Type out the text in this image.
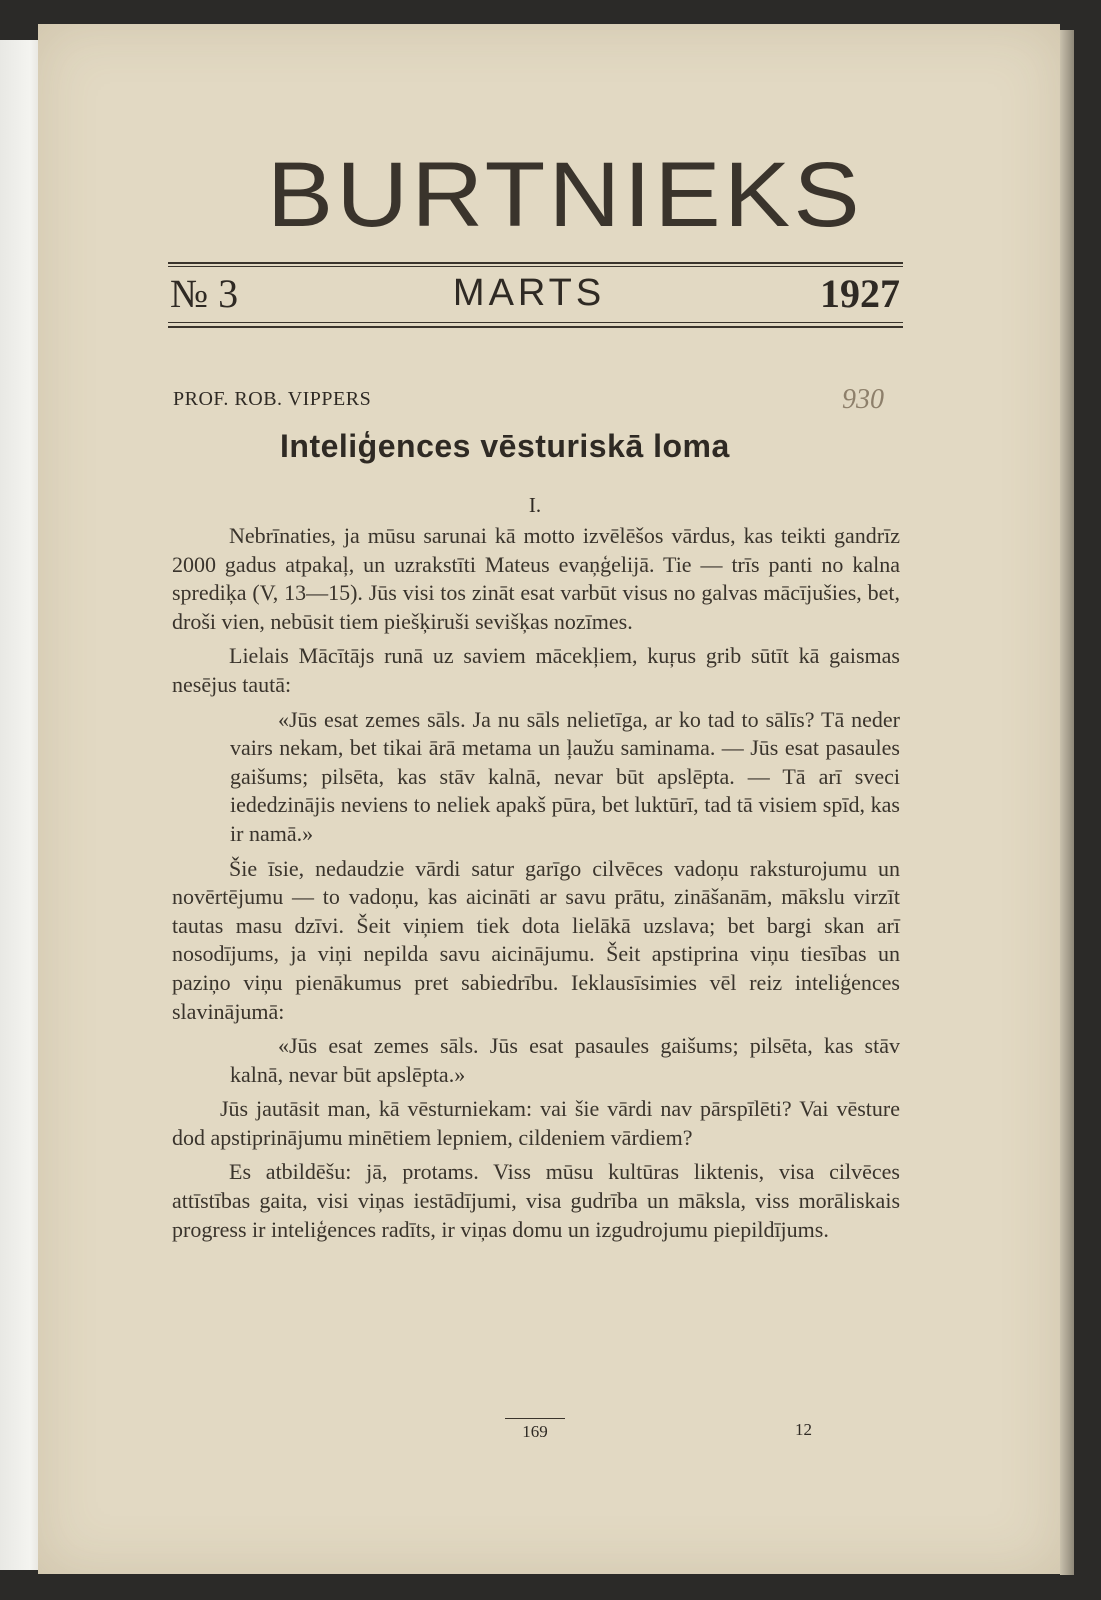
BURTNIEKS
№ 3	MARTS	1927
PROF. ROB. VIPPERS	930
Inteliģences vēsturiskā loma
I.

Nebrīnaties, ja mūsu sarunai kā motto izvēlēšos vārdus, kas teikti gandrīz 2000 gadus atpakaļ, un uzrakstīti Mateus evaņģelijā. Tie — trīs panti no kalna sprediķa (V, 13—15). Jūs visi tos zināt esat varbūt visus no galvas mācījušies, bet, droši vien, nebūsit tiem piešķiruši sevišķas nozīmes.

Lielais Mācītājs runā uz saviem mācekļiem, kuŗus grib sūtīt kā gaismas nesējus tautā:

«Jūs esat zemes sāls. Ja nu sāls nelietīga, ar ko tad to sālīs? Tā neder vairs nekam, bet tikai ārā metama un ļaužu saminama. — Jūs esat pasaules gaišums; pilsēta, kas stāv kalnā, nevar būt apslēpta. — Tā arī sveci iededzinājis neviens to neliek apakš pūra, bet luktūrī, tad tā visiem spīd, kas ir namā.»

Šie īsie, nedaudzie vārdi satur garīgo cilvēces vadoņu raksturojumu un novērtējumu — to vadoņu, kas aicināti ar savu prātu, zināšanām, mākslu virzīt tautas masu dzīvi. Šeit viņiem tiek dota lielākā uzslava; bet bargi skan arī nosodījums, ja viņi nepilda savu aicinājumu. Šeit apstiprina viņu tiesības un paziņo viņu pienākumus pret sabiedrību. Ieklausīsimies vēl reiz inteliģences slavinājumā:

«Jūs esat zemes sāls. Jūs esat pasaules gaišums; pilsēta, kas stāv kalnā, nevar būt apslēpta.»

Jūs jautāsit man, kā vēsturniekam: vai šie vārdi nav pārspīlēti? Vai vēsture dod apstiprinājumu minētiem lepniem, cildeniem vārdiem?

Es atbildēšu: jā, protams. Viss mūsu kultūras liktenis, visa cilvēces attīstības gaita, visi viņas iestādījumi, visa gudrība un māksla, viss morāliskais progress ir inteliģences radīts, ir viņas domu un izgudrojumu piepildījums.

169	12
